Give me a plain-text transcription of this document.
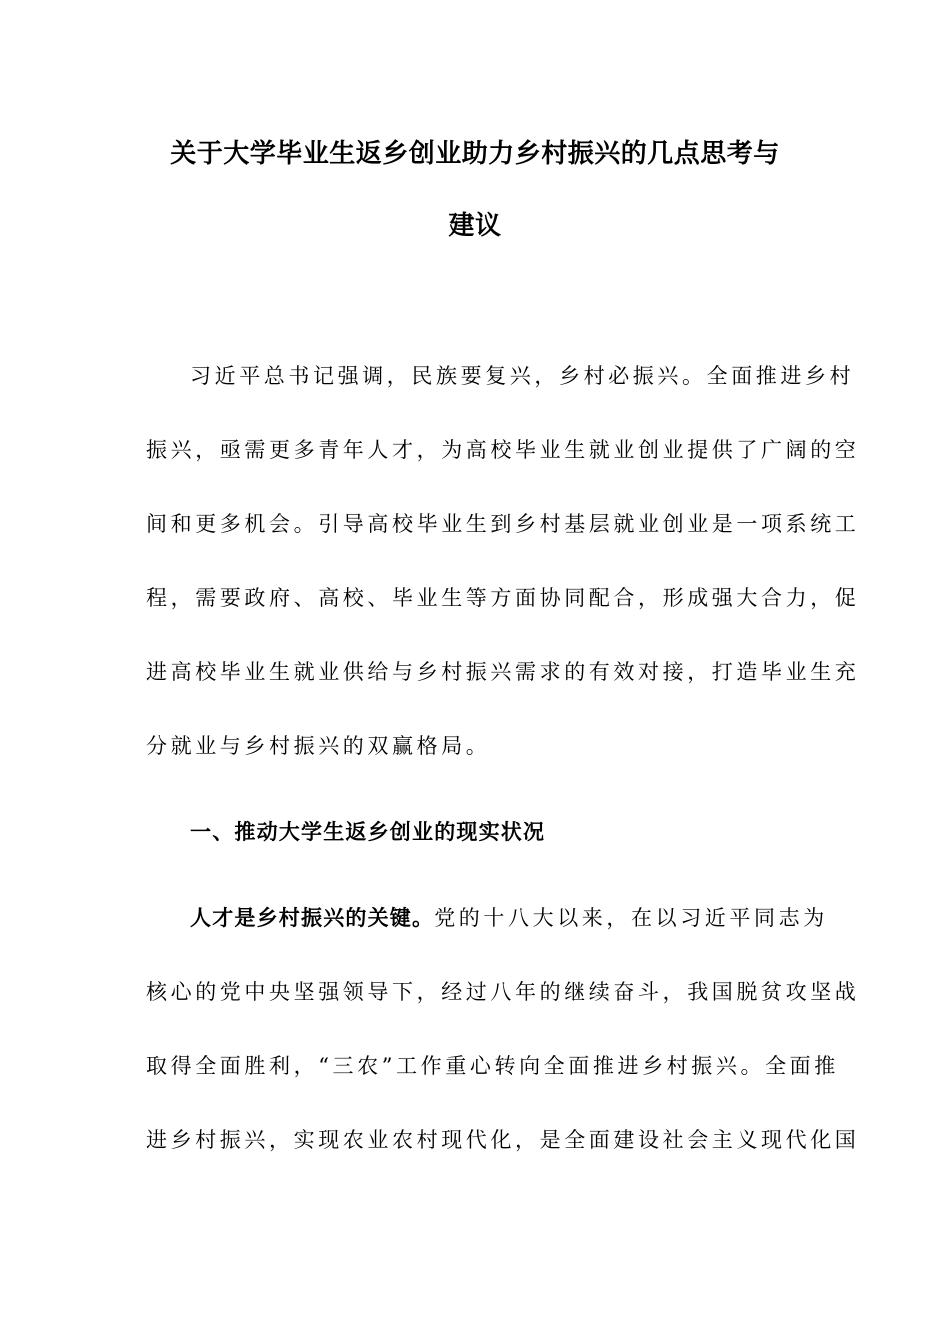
关于大学毕业生返乡创业助力乡村振兴的几点思考与
建议

习近平总书记强调，民族要复兴，乡村必振兴。全面推进乡村

振兴，亟需更多青年人才，为高校毕业生就业创业提供了广阔的空

间和更多机会。引导高校毕业生到乡村基层就业创业是一项系统工

程，需要政府、高校、毕业生等方面协同配合，形成强大合力，促

进高校毕业生就业供给与乡村振兴需求的有效对接，打造毕业生充

分就业与乡村振兴的双赢格局。

一、推动大学生返乡创业的现实状况

人才是乡村振兴的关键。党的十八大以来，在以习近平同志为

核心的党中央坚强领导下，经过八年的继续奋斗，我国脱贫攻坚战

取得全面胜利，“三农”工作重心转向全面推进乡村振兴。全面推

进乡村振兴，实现农业农村现代化，是全面建设社会主义现代化国
